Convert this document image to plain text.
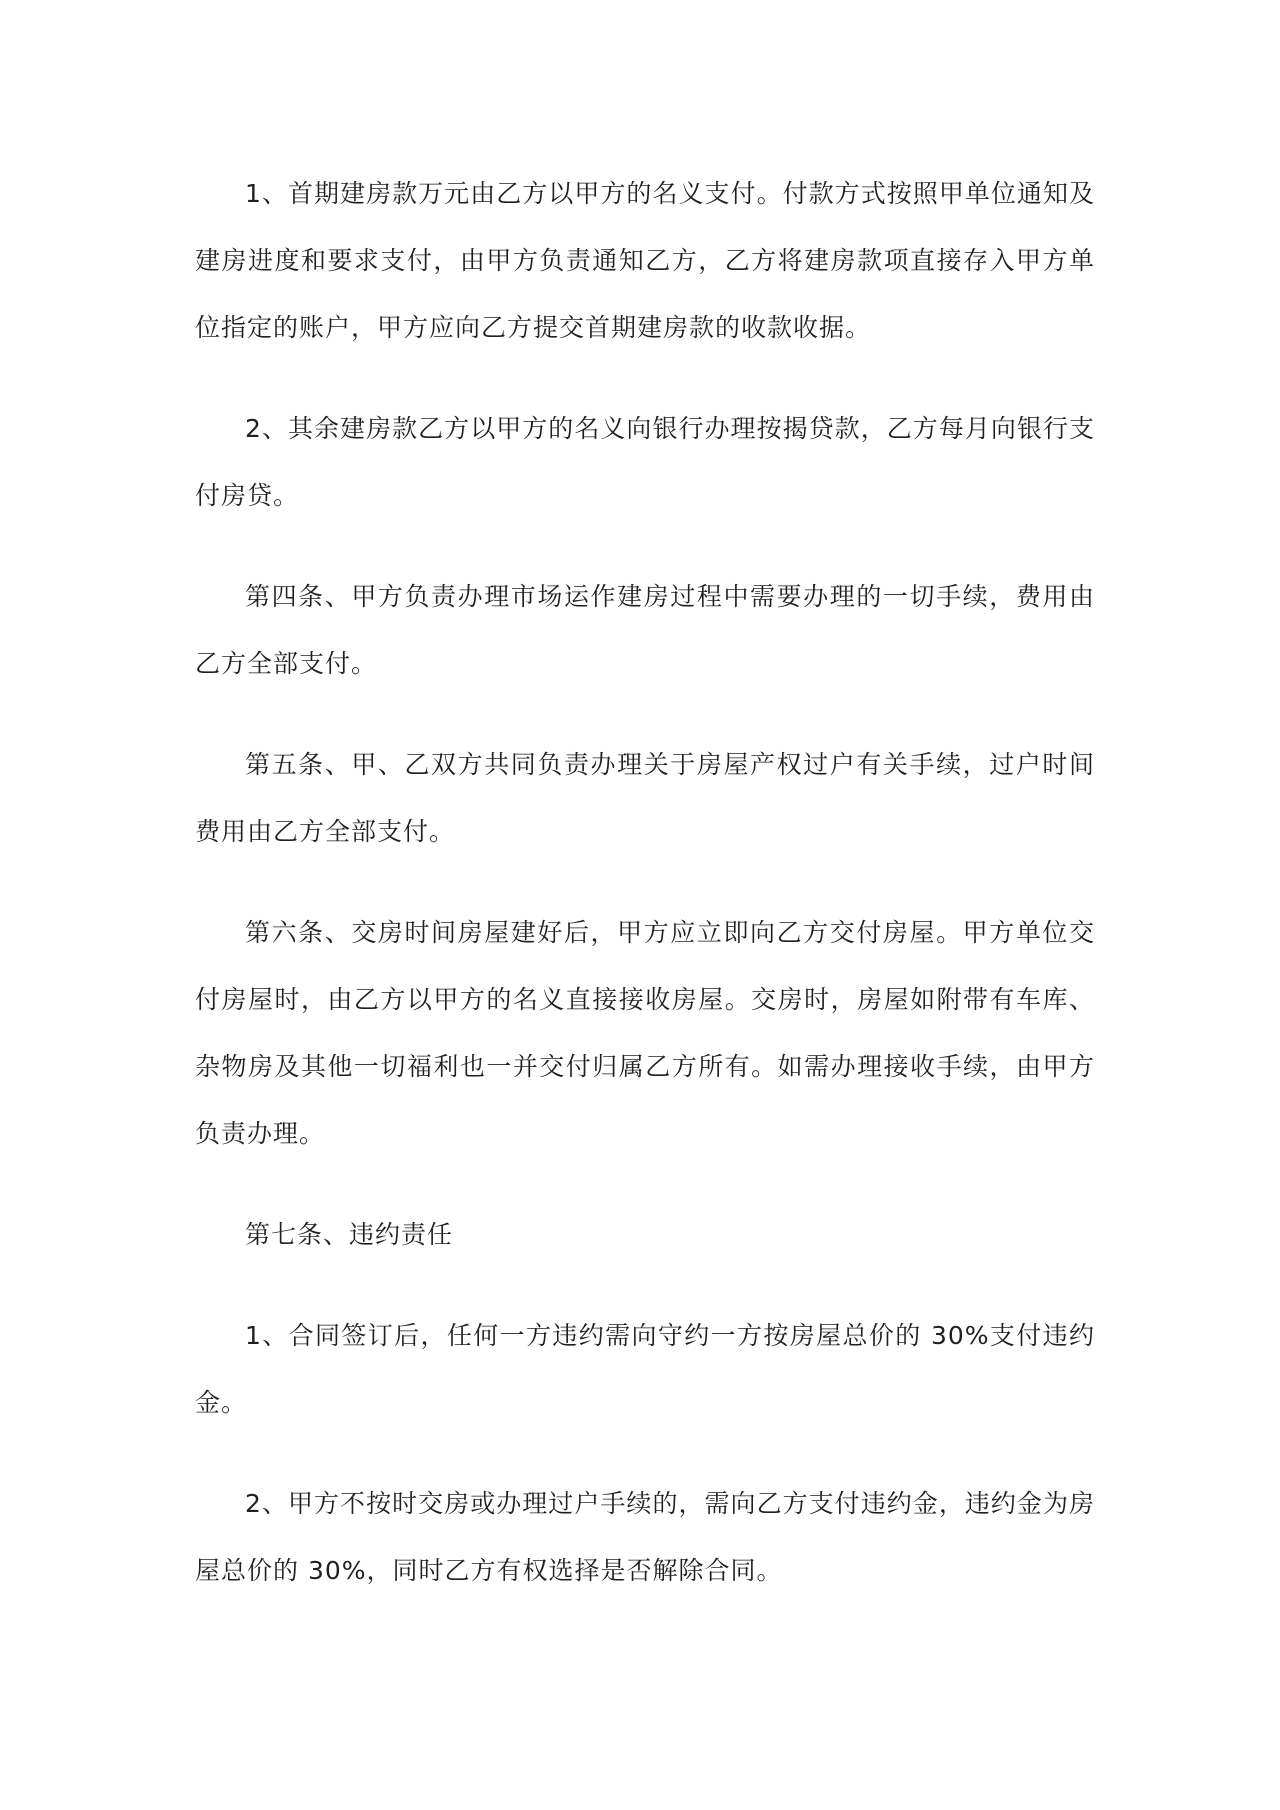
1、首期建房款万元由乙方以甲方的名义支付。付款方式按照甲单位通知及建房进度和要求支付，由甲方负责通知乙方，乙方将建房款项直接存入甲方单位指定的账户，甲方应向乙方提交首期建房款的收款收据。

2、其余建房款乙方以甲方的名义向银行办理按揭贷款，乙方每月向银行支付房贷。

第四条、甲方负责办理市场运作建房过程中需要办理的一切手续，费用由乙方全部支付。

第五条、甲、乙双方共同负责办理关于房屋产权过户有关手续，过户时间费用由乙方全部支付。

第六条、交房时间房屋建好后，甲方应立即向乙方交付房屋。甲方单位交付房屋时，由乙方以甲方的名义直接接收房屋。交房时，房屋如附带有车库、杂物房及其他一切福利也一并交付归属乙方所有。如需办理接收手续，由甲方负责办理。

第七条、违约责任

1、合同签订后，任何一方违约需向守约一方按房屋总价的 30%支付违约金。

2、甲方不按时交房或办理过户手续的，需向乙方支付违约金，违约金为房屋总价的 30%，同时乙方有权选择是否解除合同。
